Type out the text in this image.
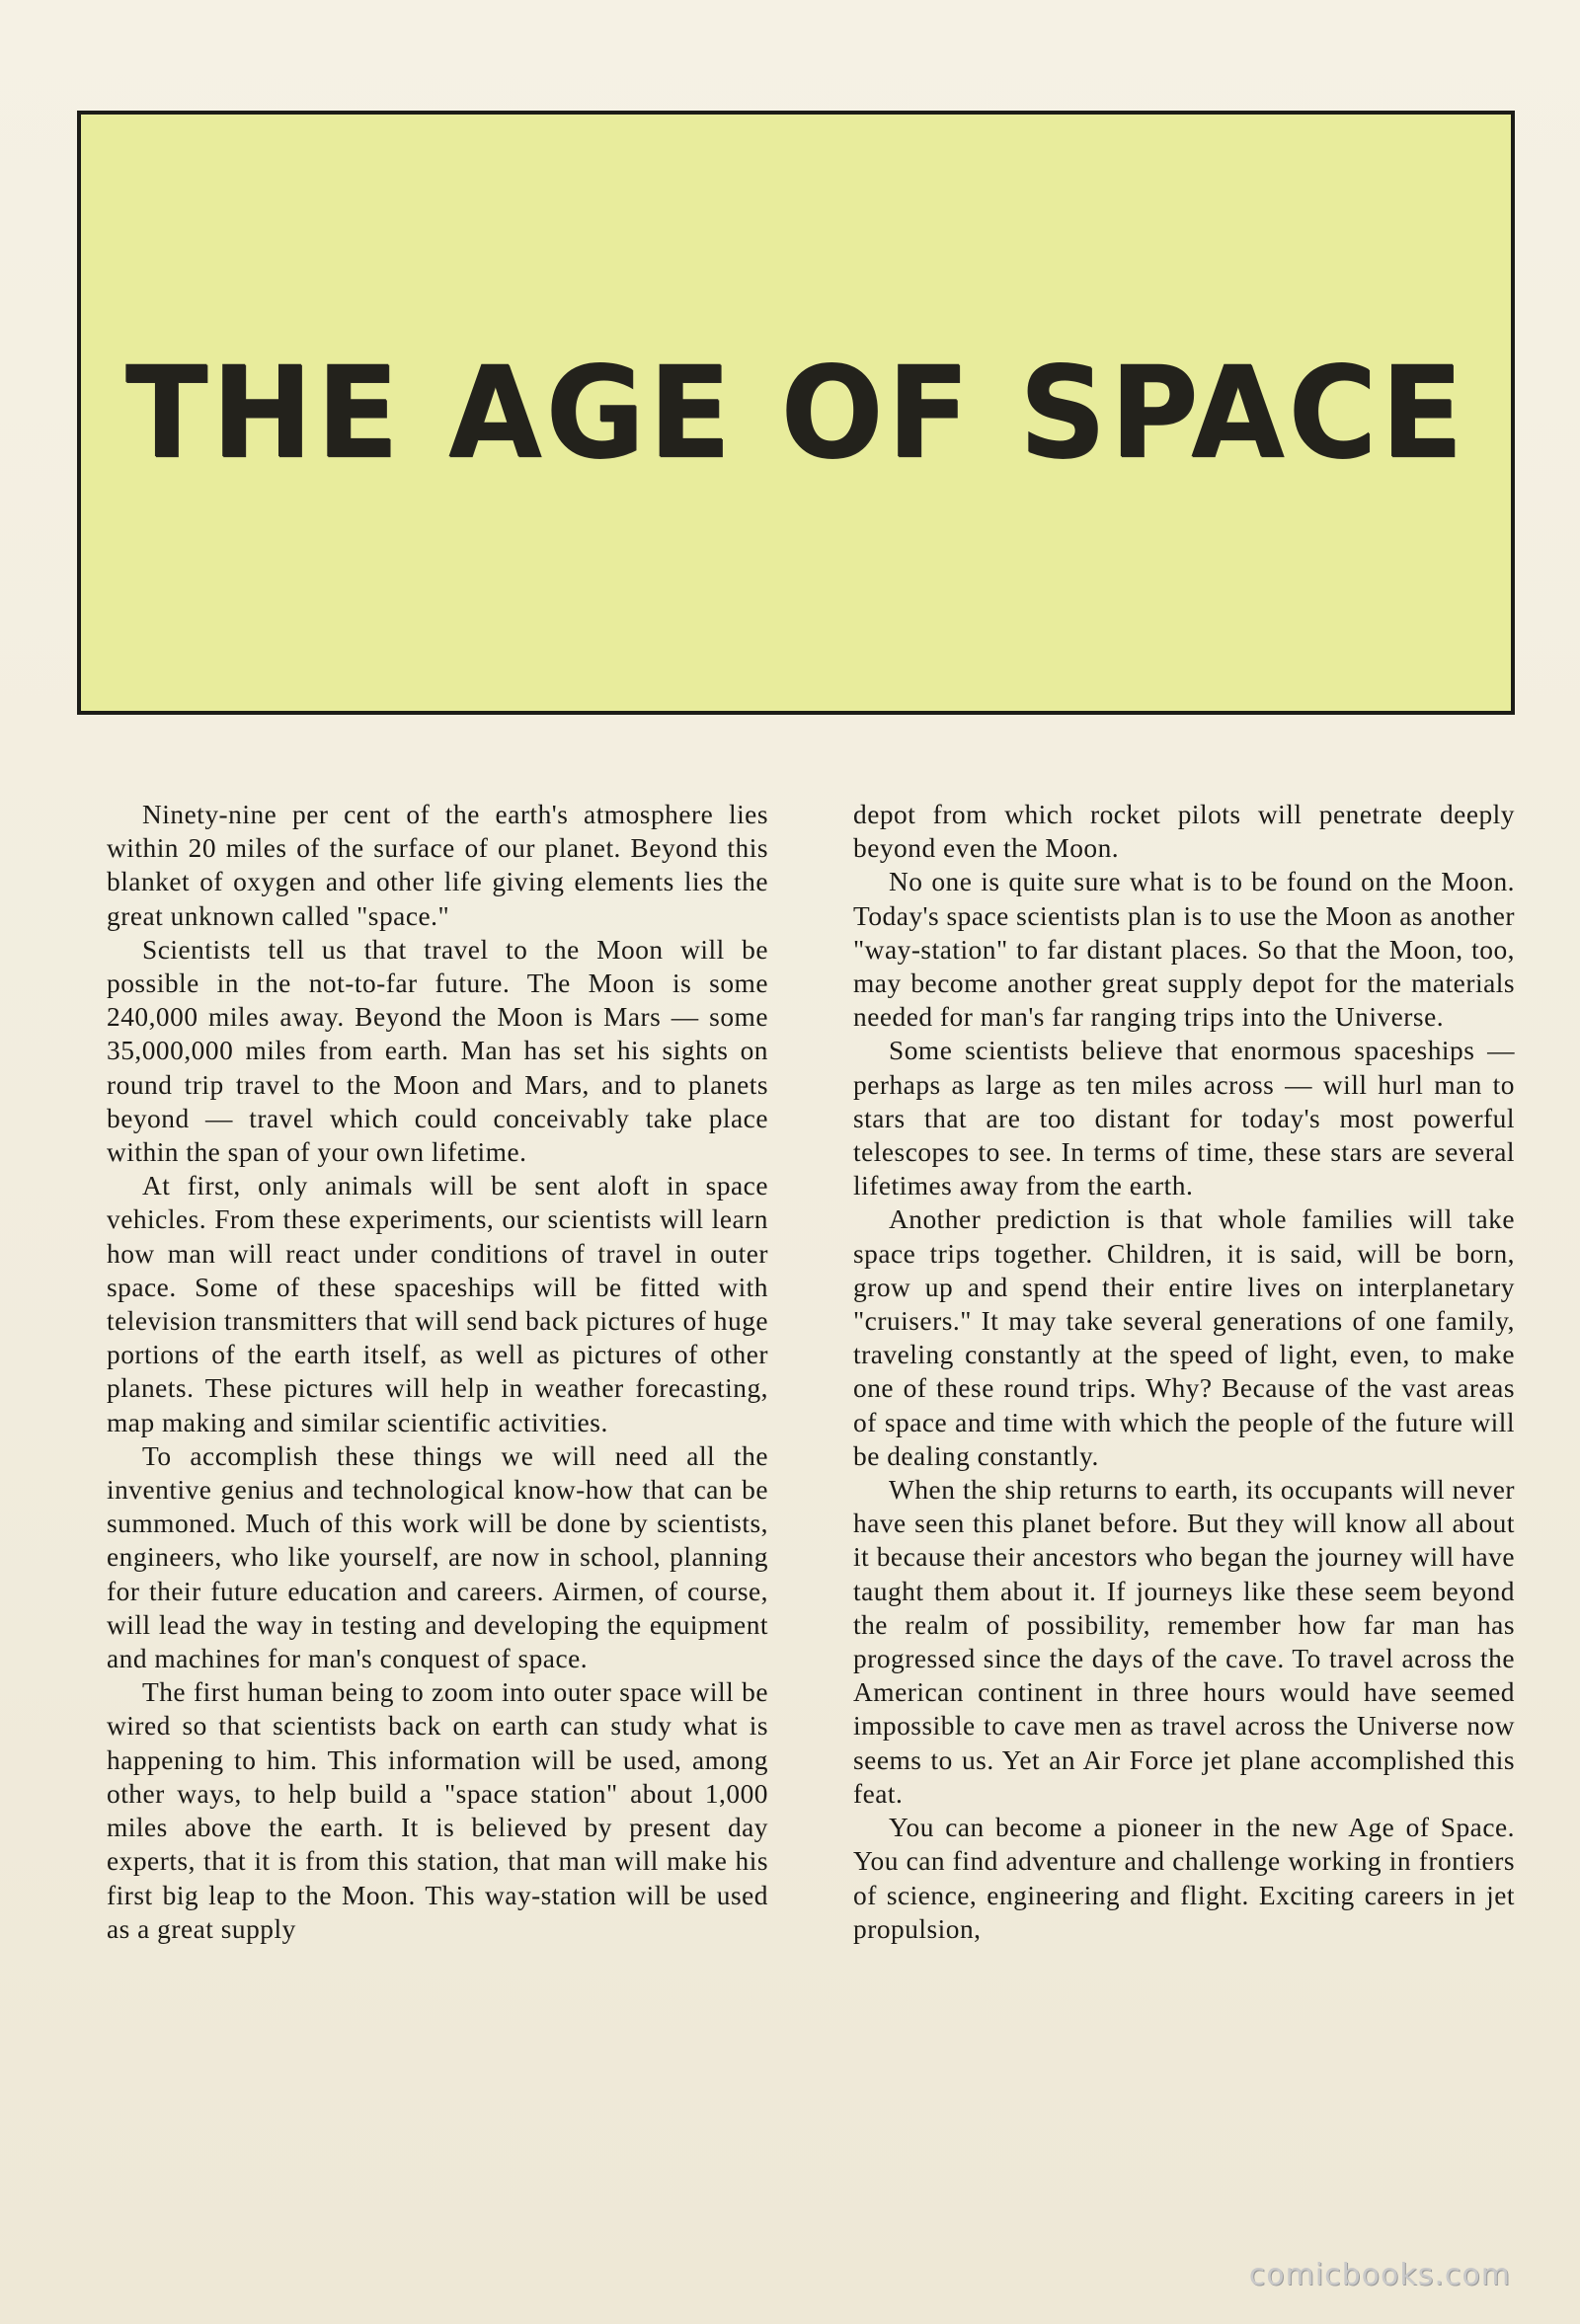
THE AGE OF SPACE

Ninety-nine per cent of the earth's atmosphere lies within 20 miles of the surface of our planet. Beyond this blanket of oxygen and other life giving elements lies the great unknown called "space."

Scientists tell us that travel to the Moon will be possible in the not-to-far future. The Moon is some 240,000 miles away. Beyond the Moon is Mars — some 35,000,000 miles from earth. Man has set his sights on round trip travel to the Moon and Mars, and to planets beyond — travel which could conceivably take place within the span of your own lifetime.

At first, only animals will be sent aloft in space vehicles. From these experiments, our scientists will learn how man will react under conditions of travel in outer space. Some of these spaceships will be fitted with television transmitters that will send back pictures of huge portions of the earth itself, as well as pictures of other planets. These pictures will help in weather forecasting, map making and similar scientific activities.

To accomplish these things we will need all the inventive genius and technological know-how that can be summoned. Much of this work will be done by scientists, engineers, who like yourself, are now in school, planning for their future education and careers. Airmen, of course, will lead the way in testing and developing the equipment and machines for man's conquest of space.

The first human being to zoom into outer space will be wired so that scientists back on earth can study what is happening to him. This information will be used, among other ways, to help build a "space station" about 1,000 miles above the earth. It is believed by present day experts, that it is from this station, that man will make his first big leap to the Moon. This way-station will be used as a great supply

depot from which rocket pilots will penetrate deeply beyond even the Moon.

No one is quite sure what is to be found on the Moon. Today's space scientists plan is to use the Moon as another "way-station" to far distant places. So that the Moon, too, may become another great supply depot for the materials needed for man's far ranging trips into the Universe.

Some scientists believe that enormous spaceships — perhaps as large as ten miles across — will hurl man to stars that are too distant for today's most powerful telescopes to see. In terms of time, these stars are several lifetimes away from the earth.

Another prediction is that whole families will take space trips together. Children, it is said, will be born, grow up and spend their entire lives on interplanetary "cruisers." It may take several generations of one family, traveling constantly at the speed of light, even, to make one of these round trips. Why? Because of the vast areas of space and time with which the people of the future will be dealing constantly.

When the ship returns to earth, its occupants will never have seen this planet before. But they will know all about it because their ancestors who began the journey will have taught them about it. If journeys like these seem beyond the realm of possibility, remember how far man has progressed since the days of the cave. To travel across the American continent in three hours would have seemed impossible to cave men as travel across the Universe now seems to us. Yet an Air Force jet plane accomplished this feat.

You can become a pioneer in the new Age of Space. You can find adventure and challenge working in frontiers of science, engineering and flight. Exciting careers in jet propulsion,

comicbooks.com
